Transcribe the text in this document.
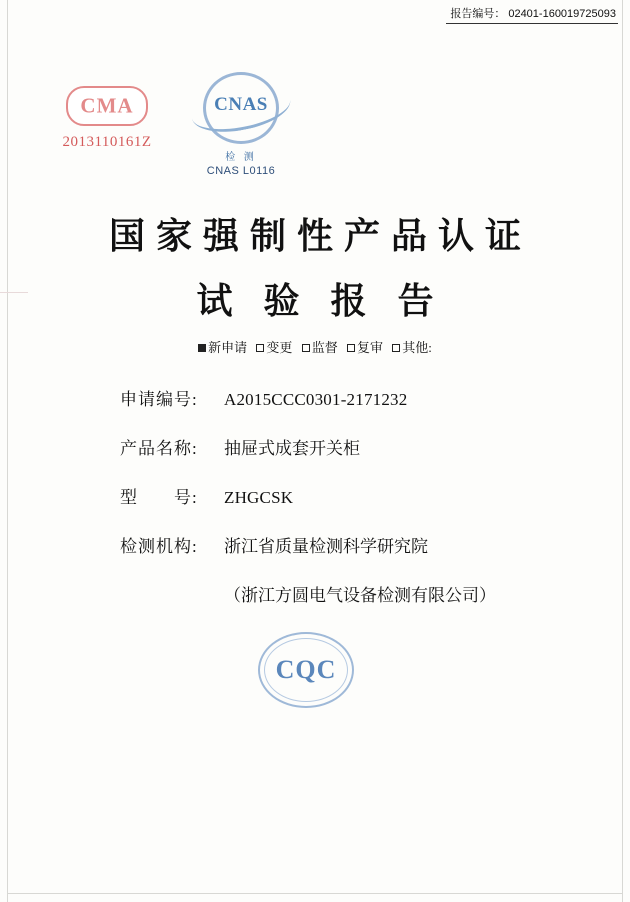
报告编号： 02401-160019725093
CMA
2013110161Z
CNAS
检 测
CNAS L0116
国家强制性产品认证
试 验 报 告
新申请 变更 监督 复审 其他:
申请编号:	A2015CCC0301-2171232
产品名称:	抽屉式成套开关柜
型　　号:	ZHGCSK
检测机构:	浙江省质量检测科学研究院
（浙江方圆电气设备检测有限公司）
CQC
